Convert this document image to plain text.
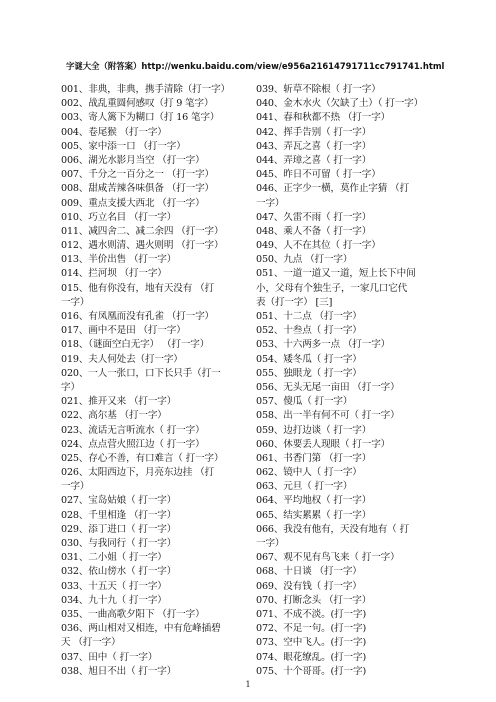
字谜大全（附答案）http://wenku.baidu.com/view/e956a21614791711cc791741.html
001、非典，非典，携手清除（打一字）
002、战乱重圆何感叹（打 9 笔字）
003、寄人篱下为糊口（打 16 笔字）
004、卷尾猴 （打一字）
005、家中添一口 （打一字）
006、湖光水影月当空 （打一字）
007、千分之一百分之一 （打一字）
008、甜咸苦辣各味俱备 （打一字）
009、重点支援大西北 （打一字）
010、巧立名目 （打一字）
011、减四舍二、减二余四 （打一字）
012、遇水则清、遇火则明 （打一字）
013、半价出售 （打一字）
014、拦河坝 （打一字）
015、他有你没有，地有天没有 （打
一字）
016、有凤凰而没有孔雀 （打一字）
017、画中不是田 （打一字）
018、（谜面空白无字） （打一字）
019、夫人何处去（打一字）
020、一人一张口，口下长只手（打一
字）
021、推开又来 （打一字）
022、高尔基 （打一字）
023、流话无言听流水（ 打一字）
024、点点营火照江边（ 打一字）
025、存心不善，有口难言（ 打一字）
026、太阳西边下，月亮东边挂 （打
一字）
027、宝岛姑娘（ 打一字）
028、千里相逢 （打一字）
029、添丁进口（ 打一字）
030、与我同行（ 打一字）
031、二小姐（ 打一字）
032、依山傍水（ 打一字）
033、十五天（ 打一字）
034、九十九（ 打一字）
035、一曲高歌夕阳下 （打一字）
036、两山相对又相连，中有危峰插碧
天 （打一字）
037、田中（ 打一字）
038、旭日不出（ 打一字）
039、斩草不除根（ 打一字）
040、金木水火（欠缺了土）（ 打一字）
041、春和秋都不热 （打一字）
042、挥手告别（ 打一字）
043、弄瓦之喜（ 打一字）
044、弄璋之喜（ 打一字）
045、昨日不可留（ 打一字）
046、正字少一横，莫作止字猜 （打
一字）
047、久雷不雨（ 打一字）
048、乘人不备（ 打一字）
049、人不在其位（ 打一字）
050、九点 （打一字）
051、一道一道又一道，短上长下中间
小，父母有个独生子，一家几口它代
表（打一字） [三]
051、十二点 （打一字）
052、十叁点（ 打一字）
053、十六两多一点 （打一字）
054、矮冬瓜（ 打一字）
055、独眼龙（ 打一字）
056、无头无尾一亩田 （打一字）
057、傻瓜（ 打一字）
058、出一半有何不可（ 打一字）
059、边打边谈（ 打一字）
060、休要丢人现眼（ 打一字）
061、书香门第 （打一字）
062、镜中人（ 打一字）
063、元旦（ 打一字）
064、平均地权（ 打一字）
065、结实累累（ 打一字）
066、我没有他有，天没有地有（ 打
一字）
067、观不见有鸟飞来（ 打一字）
068、十日谈 （打一字）
069、没有钱（ 打一字）
070、打断念头 （打一字）
071、不成不淡。(打一字)
072、不足一句。(打一字)
073、空中飞人。(打一字)
074、眼花缭乱。(打一字)
075、十个哥哥。(打一字)
1
